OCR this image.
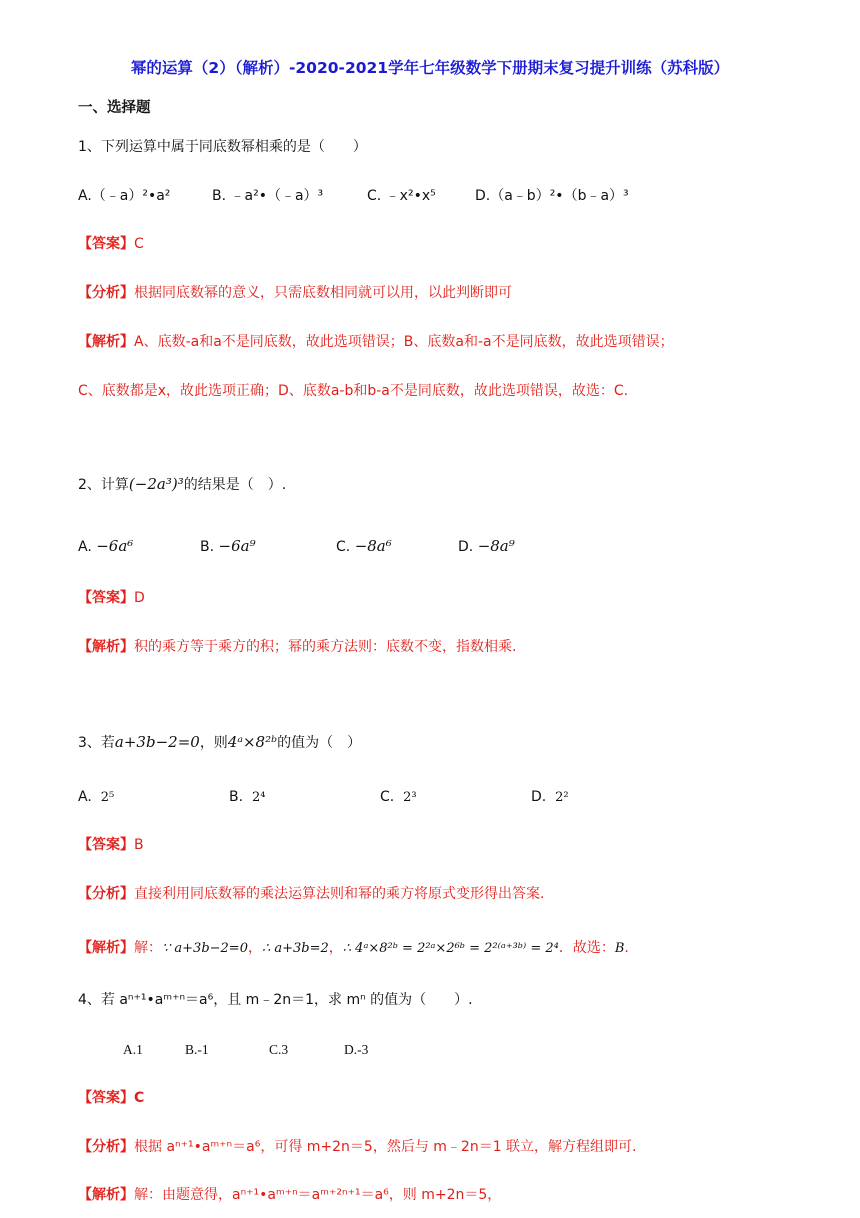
幂的运算（2）（解析）-2020-2021学年七年级数学下册期末复习提升训练（苏科版）
一、选择题
1、下列运算中属于同底数幂相乘的是（　　）
A.（﹣a）²•a²	B. ﹣a²•（﹣a）³	C. ﹣x²•x⁵	D.（a﹣b）²•（b﹣a）³
【答案】C
【分析】根据同底数幂的意义，只需底数相同就可以用，以此判断即可
【解析】A、底数-a和a不是同底数，故此选项错误；B、底数a和-a不是同底数，故此选项错误；
C、底数都是x，故此选项正确；D、底数a-b和b-a不是同底数，故此选项错误，故选：C.
2、计算(−2a³)³的结果是（　）.
A. −6a⁶	B. −6a⁹	C. −8a⁶	D. −8a⁹
【答案】D
【解析】积的乘方等于乘方的积；幂的乘方法则：底数不变，指数相乘.
3、若a+3b−2=0，则4ᵃ×8²ᵇ的值为（　）
A. 2⁵	B. 2⁴	C. 2³	D. 2²
【答案】B
【分析】直接利用同底数幂的乘法运算法则和幂的乘方将原式变形得出答案.
【解析】解：∵ a+3b−2=0，∴ a+3b=2，∴ 4ᵃ×8²ᵇ = 2²ᵃ×2⁶ᵇ = 2²⁽ᵃ⁺³ᵇ⁾ = 2⁴．故选：B.
4、若 aⁿ⁺¹•aᵐ⁺ⁿ＝a⁶，且 m﹣2n＝1，求 mⁿ 的值为（　　）.
A.1	B.-1	C.3	D.-3
【答案】C
【分析】根据 aⁿ⁺¹•aᵐ⁺ⁿ＝a⁶，可得 m+2n＝5，然后与 m﹣2n＝1 联立，解方程组即可.
【解析】解：由题意得，aⁿ⁺¹•aᵐ⁺ⁿ＝aᵐ⁺²ⁿ⁺¹＝a⁶，则 m+2n＝5，
